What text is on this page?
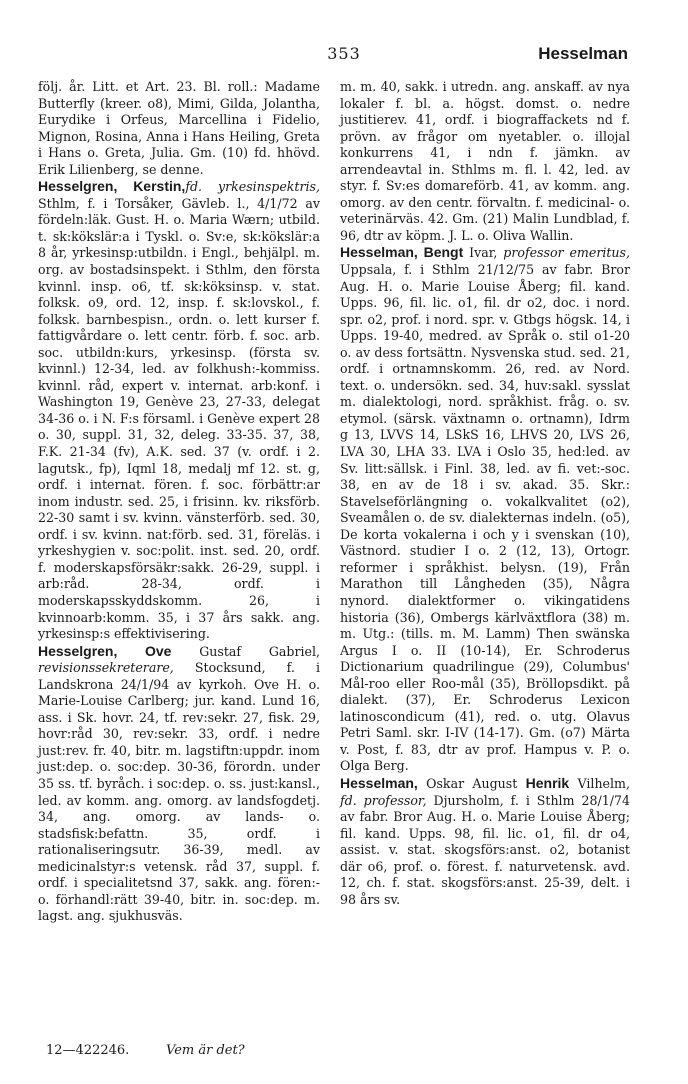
353	Hesselman

följ. år. Litt. et Art. 23. Bl. roll.: Madame Butterfly (kreer. o8), Mimi, Gilda, Jolantha, Eurydike i Orfeus, Marcellina i Fidelio, Mignon, Rosina, Anna i Hans Heiling, Greta i Hans o. Greta, Julia. Gm. (10) fd. hhövd. Erik Lilienberg, se denne.

Hesselgren, Kerstin,fd. yrkesinspektris, Sthlm, f. i Torsåker, Gävleb. l., 4/1/72 av fördeln:läk. Gust. H. o. Maria Wærn; utbild. t. sk:kökslär:a i Tyskl. o. Sv:e, sk:kökslär:a 8 år, yrkesinsp:utbildn. i Engl., behjälpl. m. org. av bostadsinspekt. i Sthlm, den första kvinnl. insp. o6, tf. sk:köksinsp. v. stat. folksk. o9, ord. 12, insp. f. sk:lovskol., f. folksk. barnbespisn., ordn. o. lett kurser f. fattigvårdare o. lett centr. förb. f. soc. arb. soc. utbildn:kurs, yrkesinsp. (första sv. kvinnl.) 12-34, led. av folkhush:-kommiss. kvinnl. råd, expert v. internat. arb:konf. i Washington 19, Genève 23, 27-33, delegat 34-36 o. i N. F:s församl. i Genève expert 28 o. 30, suppl. 31, 32, deleg. 33-35. 37, 38, F.K. 21-34 (fv), A.K. sed. 37 (v. ordf. i 2. lagutsk., fp), Iqml 18, medalj mf 12. st. g, ordf. i internat. fören. f. soc. förbättr:ar inom industr. sed. 25, i frisinn. kv. riksförb. 22-30 samt i sv. kvinn. vänsterförb. sed. 30, ordf. i sv. kvinn. nat:förb. sed. 31, föreläs. i yrkeshygien v. soc:polit. inst. sed. 20, ordf. f. moderskapsförsäkr:sakk. 26-29, suppl. i arb:råd. 28-34, ordf. i moderskapsskyddskomm. 26, i kvinnoarb:komm. 35, i 37 års sakk. ang. yrkesinsp:s effektivisering.

Hesselgren, Ove Gustaf Gabriel, revisionssekreterare, Stocksund, f. i Landskrona 24/1/94 av kyrkoh. Ove H. o. Marie-Louise Carlberg; jur. kand. Lund 16, ass. i Sk. hovr. 24, tf. rev:sekr. 27, fisk. 29, hovr:råd 30, rev:sekr. 33, ordf. i nedre just:rev. fr. 40, bitr. m. lagstiftn:uppdr. inom just:dep. o. soc:dep. 30-36, förordn. under 35 ss. tf. byråch. i soc:dep. o. ss. just:kansl., led. av komm. ang. omorg. av landsfogdetj. 34, ang. omorg. av lands- o. stadsfisk:befattn. 35, ordf. i rationaliseringsutr. 36-39, medl. av medicinalstyr:s vetensk. råd 37, suppl. f. ordf. i specialitetsnd 37, sakk. ang. fören:- o. förhandl:rätt 39-40, bitr. in. soc:dep. m. lagst. ang. sjukhusväs.

m. m. 40, sakk. i utredn. ang. anskaff. av nya lokaler f. bl. a. högst. domst. o. nedre justitierev. 41, ordf. i biograffackets nd f. prövn. av frågor om nyetabler. o. illojal konkurrens 41, i ndn f. jämkn. av arrendeavtal in. Sthlms m. fl. l. 42, led. av styr. f. Sv:es domareförb. 41, av komm. ang. omorg. av den centr. förvaltn. f. medicinal- o. veterinärväs. 42. Gm. (21) Malin Lundblad, f. 96, dtr av köpm. J. L. o. Oliva Wallin.

Hesselman, Bengt Ivar, professor emeritus, Uppsala, f. i Sthlm 21/12/75 av fabr. Bror Aug. H. o. Marie Louise Åberg; fil. kand. Upps. 96, fil. lic. o1, fil. dr o2, doc. i nord. spr. o2, prof. i nord. spr. v. Gtbgs högsk. 14, i Upps. 19-40, medred. av Språk o. stil o1-20 o. av dess fortsättn. Nysvenska stud. sed. 21, ordf. i ortnamnskomm. 26, red. av Nord. text. o. undersökn. sed. 34, huv:sakl. sysslat m. dialektologi, nord. språkhist. fråg. o. sv. etymol. (särsk. växtnamn o. ortnamn), Idrm g 13, LVVS 14, LSkS 16, LHVS 20, LVS 26, LVA 30, LHA 33. LVA i Oslo 35, hed:led. av Sv. litt:sällsk. i Finl. 38, led. av fi. vet:-soc. 38, en av de 18 i sv. akad. 35. Skr.: Stavelseförlängning o. vokalkvalitet (o2), Sveamålen o. de sv. dialekternas indeln. (o5), De korta vokalerna i och y i svenskan (10), Västnord. studier I o. 2 (12, 13), Ortogr. reformer i språkhist. belysn. (19), Från Marathon till Långheden (35), Några nynord. dialektformer o. vikingatidens historia (36), Ombergs kärlväxtflora (38) m. m. Utg.: (tills. m. M. Lamm) Then swänska Argus I o. II (10-14), Er. Schroderus Dictionarium quadrilingue (29), Columbus' Mål-roo eller Roo-mål (35), Bröllopsdikt. på dialekt. (37), Er. Schroderus Lexicon latinoscondicum (41), red. o. utg. Olavus Petri Saml. skr. I-IV (14-17). Gm. (o7) Märta v. Post, f. 83, dtr av prof. Hampus v. P. o. Olga Berg.

Hesselman, Oskar August Henrik Vilhelm, fd. professor, Djursholm, f. i Sthlm 28/1/74 av fabr. Bror Aug. H. o. Marie Louise Åberg; fil. kand. Upps. 98, fil. lic. o1, fil. dr o4, assist. v. stat. skogsförs:anst. o2, botanist där o6, prof. o. förest. f. naturvetensk. avd. 12, ch. f. stat. skogsförs:anst. 25-39, delt. i 98 års sv.

12—422246.	Vem är det?
